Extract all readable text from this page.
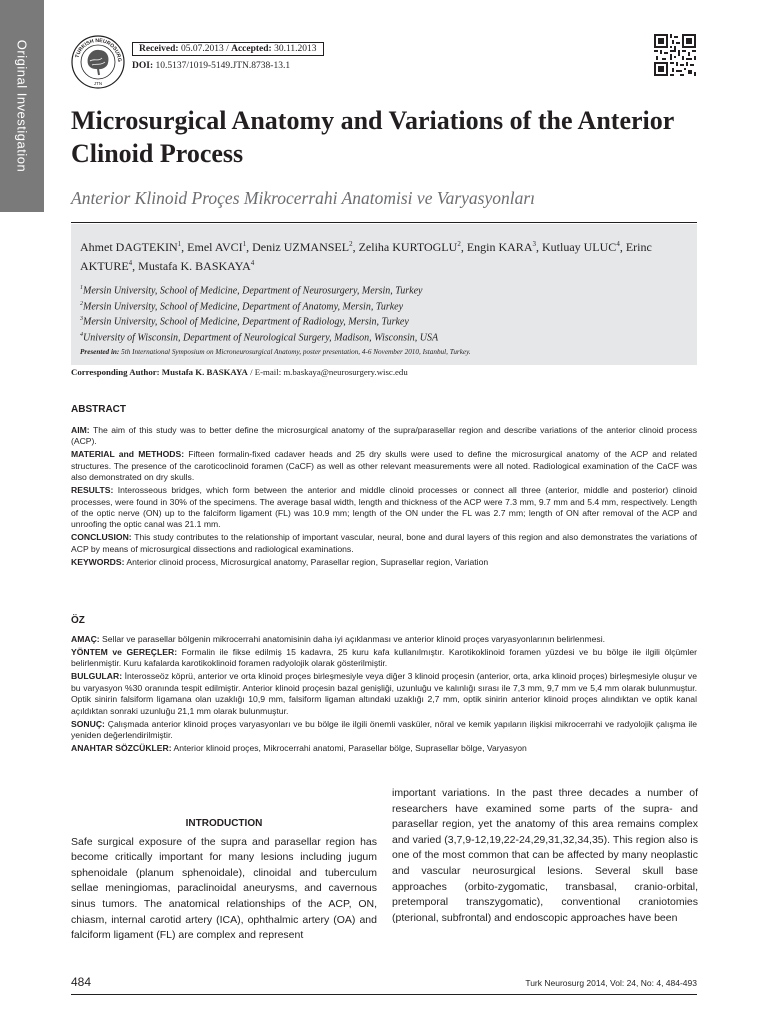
Original Investigation	TURKISH NEUROSURG
JTN
Received: 05.07.2013 / Accepted: 30.11.2013
DOI: 10.5137/1019-5149.JTN.8738-13.1
Microsurgical Anatomy and Variations of the Anterior Clinoid Process
Anterior Klinoid Proçes Mikrocerrahi Anatomisi ve Varyasyonları
Ahmet DAGTEKIN$^1$, Emel AVCI$^1$, Deniz UZMANSEL$^2$, Zeliha KURTOGLU$^2$, Engin KARA$^3$, Kutluay ULUC$^4$, Erinc AKTURE$^4$, Mustafa K. BASKAYA$^4$
$^1$Mersin University, School of Medicine, Department of Neurosurgery, Mersin, Turkey
$^2$Mersin University, School of Medicine, Department of Anatomy, Mersin, Turkey
$^3$Mersin University, School of Medicine, Department of Radiology, Mersin, Turkey
$^4$University of Wisconsin, Department of Neurological Surgery, Madison, Wisconsin, USA
Presented in: 5th International Symposium on Microneurosurgical Anatomy, poster presentation, 4-6 November 2010, Istanbul, Turkey.
Corresponding Author: Mustafa K. BASKAYA / E-mail: m.baskaya@neurosurgery.wisc.edu
ABSTRACT

AIM: The aim of this study was to better define the microsurgical anatomy of the supra/parasellar region and describe variations of the anterior clinoid process (ACP).

MATERIAL and METHODS: Fifteen formalin-fixed cadaver heads and 25 dry skulls were used to define the microsurgical anatomy of the ACP and related structures. The presence of the caroticoclinoid foramen (CaCF) as well as other relevant measurements were all noted. Radiological examination of the CaCF was also demonstrated on dry skulls.

RESULTS: Interosseous bridges, which form between the anterior and middle clinoid processes or connect all three (anterior, middle and posterior) clinoid processes, were found in 30% of the specimens. The average basal width, length and thickness of the ACP were 7.3 mm, 9.7 mm and 5.4 mm, respectively. Length of the optic nerve (ON) up to the falciform ligament (FL) was 10.9 mm; length of the ON under the FL was 2.7 mm; length of ON after removal of the ACP and unroofing the optic canal was 21.1 mm.

CONCLUSION: This study contributes to the relationship of important vascular, neural, bone and dural layers of this region and also demonstrates the variations of ACP by means of microsurgical dissections and radiological examinations.

KEYWORDS: Anterior clinoid process, Microsurgical anatomy, Parasellar region, Suprasellar region, Variation

ÖZ

AMAÇ: Sellar ve parasellar bölgenin mikrocerrahi anatomisinin daha iyi açıklanması ve anterior klinoid proçes varyasyonlarının belirlenmesi.

YÖNTEM ve GEREÇLER: Formalin ile fikse edilmiş 15 kadavra, 25 kuru kafa kullanılmıştır. Karotikoklinoid foramen yüzdesi ve bu bölge ile ilgili ölçümler belirlenmiştir. Kuru kafalarda karotikoklinoid foramen radyolojik olarak gösterilmiştir.

BULGULAR: İnterosseöz köprü, anterior ve orta klinoid proçes birleşmesiyle veya diğer 3 klinoid proçesin (anterior, orta, arka klinoid proçes) birleşmesiyle oluşur ve bu varyasyon %30 oranında tespit edilmiştir. Anterior klinoid proçesin bazal genişliği, uzunluğu ve kalınlığı sırası ile 7,3 mm, 9,7 mm ve 5,4 mm olarak bulunmuştur. Optik sinirin falsiform ligamana olan uzaklığı 10,9 mm, falsiform ligaman altındaki uzaklığı 2,7 mm, optik sinirin anterior klinoid proçes alındıktan ve optik kanal açıldıktan sonraki uzunluğu 21,1 mm olarak bulunmuştur.

SONUÇ: Çalışmada anterior klinoid proçes varyasyonları ve bu bölge ile ilgili önemli vasküler, nöral ve kemik yapıların ilişkisi mikrocerrahi ve radyolojik çalışma ile yeniden değerlendirilmiştir.

ANAHTAR SÖZCÜKLER: Anterior klinoid proçes, Mikrocerrahi anatomi, Parasellar bölge, Suprasellar bölge, Varyasyon

INTRODUCTION

Safe surgical exposure of the supra and parasellar region has become critically important for many lesions including jugum sphenoidale (planum sphenoidale), clinoidal and tuberculum sellae meningiomas, paraclinoidal aneurysms, and cavernous sinus tumors. The anatomical relationships of the ACP, ON, chiasm, internal carotid artery (ICA), ophthalmic artery (OA) and falciform ligament (FL) are complex and represent

important variations. In the past three decades a number of researchers have examined some parts of the supra- and parasellar region, yet the anatomy of this area remains complex and varied (3,7,9-12,19,22-24,29,31,32,34,35). This region also is one of the most common that can be affected by many neoplastic and vascular neurosurgical lesions. Several skull base approaches (orbito-zygomatic, transbasal, cranio-orbital, pretemporal transzygomatic), conventional craniotomies (pterional, subfrontal) and endoscopic approaches have been

484	Turk Neurosurg 2014, Vol: 24, No: 4, 484-493
